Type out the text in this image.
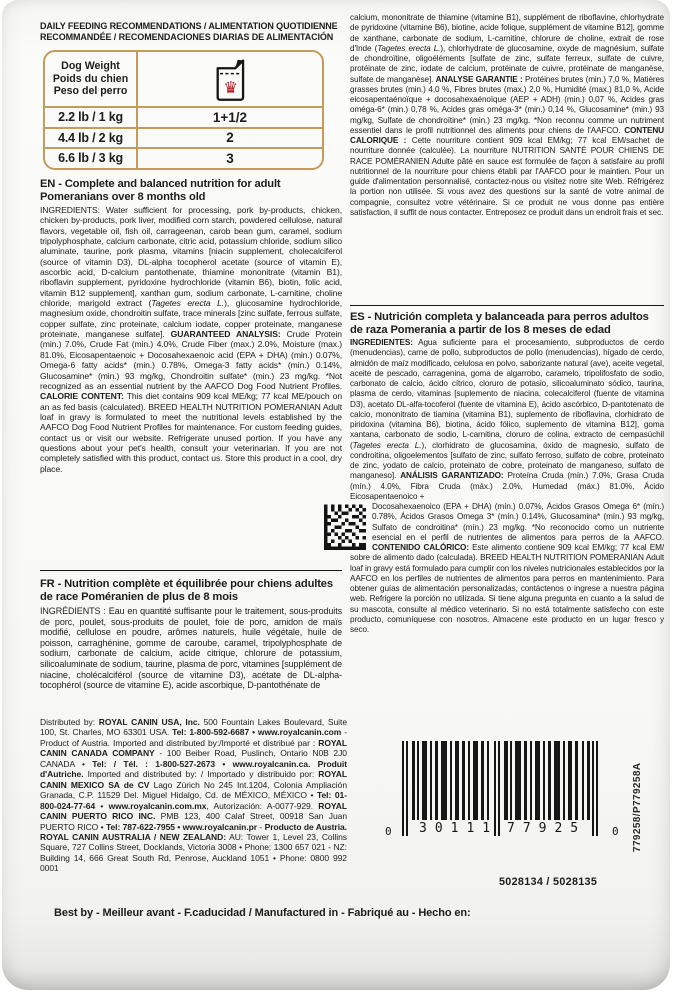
DAILY FEEDING RECOMMENDATIONS / ALIMENTATION QUOTIDIENNE RECOMMANDÉE / RECOMENDACIONES DIARIAS DE ALIMENTACIÓN
Dog Weight
Poids du chien
Peso del perro	♛
2.2 lb / 1 kg	1+1/2
4.4 lb / 2 kg	2
6.6 lb / 3 kg	3
EN - Complete and balanced nutrition for adult Pomeranians over 8 months old
INGREDIENTS: Water sufficient for processing, pork by-products, chicken, chicken by-products, pork liver, modified corn starch, powdered cellulose, natural flavors, vegetable oil, fish oil, carrageenan, carob bean gum, caramel, sodium tripolyphosphate, calcium carbonate, citric acid, potassium chloride, sodium silico aluminate, taurine, pork plasma, vitamins [niacin supplement, cholecalciferol (source of vitamin D3), DL-alpha tocopherol acetate (source of vitamin E), ascorbic acid, D-calcium pantothenate, thiamine mononitrate (vitamin B1), riboflavin supplement, pyridoxine hydrochloride (vitamin B6), biotin, folic acid, vitamin B12 supplement], xanthan gum, sodium carbonate, L-carnitine, choline chloride, marigold extract (Tagetes erecta L.), glucosamine hydrochloride, magnesium oxide, chondroitin sulfate, trace minerals [zinc sulfate, ferrous sulfate, copper sulfate, zinc proteinate, calcium iodate, copper proteinate, manganese proteinate, manganese sulfate]. GUARANTEED ANALYSIS: Crude Protein (min.) 7.0%, Crude Fat (min.) 4.0%, Crude Fiber (max.) 2.0%, Moisture (max.) 81.0%, Eicosapentaenoic + Docosahexaenoic acid (EPA + DHA) (min.) 0.07%, Omega-6 fatty acids* (min.) 0.78%, Omega-3 fatty acids* (min.) 0.14%, Glucosamine* (min.) 93 mg/kg, Chondroitin sulfate* (min.) 23 mg/kg. *Not recognized as an essential nutrient by the AAFCO Dog Food Nutrient Profiles. CALORIE CONTENT: This diet contains 909 kcal ME/kg; 77 kcal ME/pouch on an as fed basis (calculated). BREED HEALTH NUTRITION POMERANIAN Adult loaf in gravy is formulated to meet the nutritional levels established by the AAFCO Dog Food Nutrient Profiles for maintenance. For custom feeding guides, contact us or visit our website. Refrigerate unused portion. If you have any questions about your pet's health, consult your veterinarian. If you are not completely satisfied with this product, contact us. Store this product in a cool, dry place.
FR - Nutrition complète et équilibrée pour chiens adultes de race Poméranien de plus de 8 mois
INGRÉDIENTS : Eau en quantité suffisante pour le traitement, sous-produits de porc, poulet, sous-produits de poulet, foie de porc, amidon de maïs modifié, cellulose en poudre, arômes naturels, huile végétale, huile de poisson, carraghénine, gomme de caroube, caramel, tripolyphosphate de sodium, carbonate de calcium, acide citrique, chlorure de potassium, silicoaluminate de sodium, taurine, plasma de porc, vitamines [supplément de niacine, cholécalciférol (source de vitamine D3), acétate de DL-alpha-tocophérol (source de vitamine E), acide ascorbique, D-pantothénate de
Distributed by: ROYAL CANIN USA, Inc. 500 Fountain Lakes Boulevard, Suite 100, St. Charles, MO 63301 USA. Tel: 1-800-592-6687 • www.royalcanin.com - Product of Austria. Imported and distributed by:/Importé et distribué par : ROYAL CANIN CANADA COMPANY - 100 Beiber Road, Puslinch, Ontario N0B 2J0 CANADA • Tel: / Tél. : 1-800-527-2673 • www.royalcanin.ca. Produit d'Autriche. Imported and distributed by: / Importado y distribuido por: ROYAL CANIN MEXICO SA de CV Lago Zürich No 245 Int.1204, Colonia Ampliación Granada, C.P. 11529 Del. Miguel Hidalgo, Cd. de MÉXICO, MÉXICO • Tel: 01-800-024-77-64 • www.royalcanin.com.mx, Autorización: A-0077-929. ROYAL CANIN PUERTO RICO INC. PMB 123, 400 Calaf Street, 00918 San Juan PUERTO RICO • Tel: 787-622-7955 • www.royalcanin.pr - Producto de Austria. ROYAL CANIN AUSTRALIA / NEW ZEALAND: AU: Tower 1, Level 23, Collins Square, 727 Collins Street, Docklands, Victoria 3008 • Phone: 1300 657 021 - NZ: Building 14, 666 Great South Rd, Penrose, Auckland 1051 • Phone: 0800 992 0001
Best by - Meilleur avant - F.caducidad / Manufactured in - Fabriqué au - Hecho en:
calcium, mononitrate de thiamine (vitamine B1), supplément de riboflavine, chlorhydrate de pyridoxine (vitamine B6), biotine, acide folique, supplément de vitamine B12], gomme de xanthane, carbonate de sodium, L-carnitine, chlorure de choline, extrait de rose d'Inde (Tagetes erecta L.), chlorhydrate de glucosamine, oxyde de magnésium, sulfate de chondroïtine, oligoéléments [sulfate de zinc, sulfate ferreux, sulfate de cuivre, protéinate de zinc, iodate de calcium, protéinate de cuivre, protéinate de manganèse, sulfate de manganèse]. ANALYSE GARANTIE : Protéines brutes (min.) 7,0 %, Matières grasses brutes (min.) 4,0 %, Fibres brutes (max.) 2,0 %, Humidité (max.) 81,0 %, Acide eicosapentaénoïque + docosahexaénoïque (AEP + ADH) (min.) 0,07 %, Acides gras oméga-6* (min.) 0,78 %, Acides gras oméga-3* (min.) 0,14 %, Glucosamine* (min.) 93 mg/kg, Sulfate de chondroïtine* (min.) 23 mg/kg. *Non reconnu comme un nutriment essentiel dans le profil nutritionnel des aliments pour chiens de l'AAFCO. CONTENU CALORIQUE : Cette nourriture contient 909 kcal EM/kg; 77 kcal EM/sachet de nourriture donnée (calculée). La nourriture NUTRITION SANTÉ POUR CHIENS DE RACE POMÉRANIEN Adulte pâté en sauce est formulée de façon à satisfaire au profil nutritionnel de la nourriture pour chiens établi par l'AAFCO pour le maintien. Pour un guide d'alimentation personnalisé, contactez-nous ou visitez notre site Web. Réfrigérez la portion non utilisée. Si vous avez des questions sur la santé de votre animal de compagnie, consultez votre vétérinaire. Si ce produit ne vous donne pas entière satisfaction, il suffit de nous contacter. Entreposez ce produit dans un endroit frais et sec.
ES - Nutrición completa y balanceada para perros adultos de raza Pomerania a partir de los 8 meses de edad

INGREDIENTES: Agua suficiente para el procesamiento, subproductos de cerdo (menudencias), carne de pollo, subproductos de pollo (menudencias), hígado de cerdo, almidón de maíz modificado, celulosa en polvo, saborizante natural (ave), aceite vegetal, aceite de pescado, carragenina, goma de algarrobo, caramelo, tripolifosfato de sodio, carbonato de calcio, ácido cítrico, cloruro de potasio, silicoaluminato sódico, taurina, plasma de cerdo, vitaminas [suplemento de niacina, colecalciferol (fuente de vitamina D3), acetato DL-alfa-tocoferol (fuente de vitamina E), ácido ascórbico, D-pantotenato de calcio, mononitrato de tiamina (vitamina B1), suplemento de riboflavina, clorhidrato de piridoxina (vitamina B6), biotina, ácido fólico, suplemento de vitamina B12], goma xantana, carbonato de sodio, L-carnitina, cloruro de colina, extracto de cempasúchil (Tagetes erecta L.), clorhidrato de glucosamina, óxido de magnesio, sulfato de condroitina, oligoelementos [sulfato de zinc, sulfato ferroso, sulfato de cobre, proteinato de zinc, yodato de calcio, proteinato de cobre, proteinato de manganeso, sulfato de manganeso]. ANÁLISIS GARANTIZADO: Proteína Cruda (mín.) 7.0%, Grasa Cruda (mín.) 4.0%, Fibra Cruda (máx.) 2.0%, Humedad (máx.) 81.0%, Ácido Eicosapentaenoico +

Docosahexaenoico (EPA + DHA) (mín.) 0.07%, Ácidos Grasos Omega 6* (mín.) 0.78%, Ácidos Grasos Omega 3* (mín.) 0.14%, Glucosamina* (mín.) 93 mg/kg, Sulfato de condroitina* (mín.) 23 mg/kg. *No reconocido como un nutriente esencial en el perfil de nutrientes de alimentos para perros de la AAFCO. CONTENIDO CALÓRICO: Este alimento contiene 909 kcal EM/kg; 77 kcal EM/ sobre de alimento dado (calculada). BREED HEALTH NUTRITION POMERANIAN Adult loaf in gravy está formulado para cumplir con los niveles nutricionales establecidos por la AAFCO en los perfiles de nutrientes de alimentos para perros en mantenimiento. Para obtener guías de alimentación personalizadas, contáctenos o ingrese a nuestra página web. Refrigere la porción no utilizada. Si tiene alguna pregunta en cuanto a la salud de su mascota, consulte al médico veterinario. Si no está totalmente satisfecho con este producto, comuníquese con nosotros. Almacene este producto en un lugar fresco y seco.

0 30111 77925 0 779258/P779258A
5028134 / 5028135
